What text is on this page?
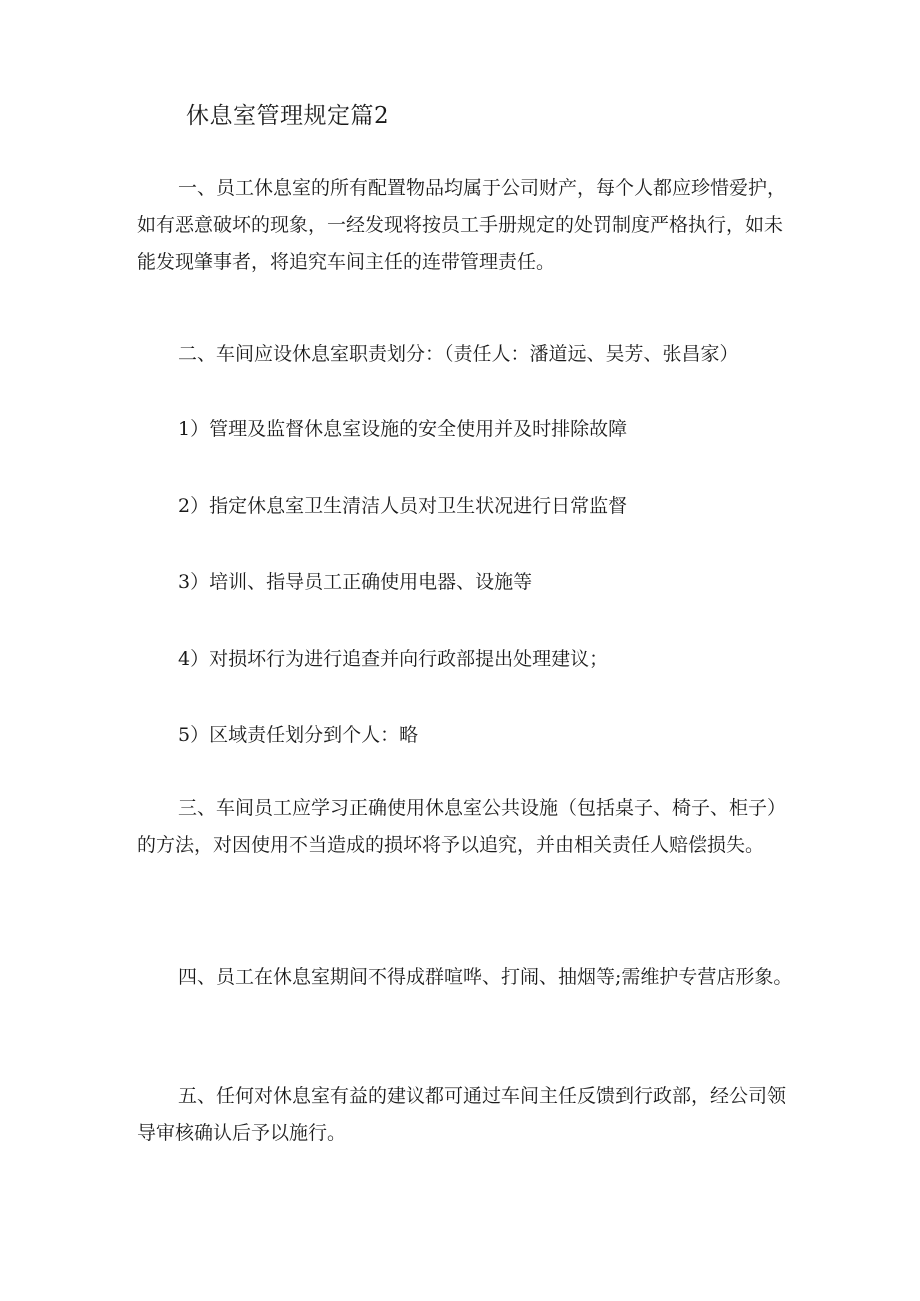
休息室管理规定篇2
一、员工休息室的所有配置物品均属于公司财产，每个人都应珍惜爱护，如有恶意破坏的现象，一经发现将按员工手册规定的处罚制度严格执行，如未能发现肇事者，将追究车间主任的连带管理责任。
二、车间应设休息室职责划分：（责任人：潘道远、吴芳、张昌家）
1）管理及监督休息室设施的安全使用并及时排除故障
2）指定休息室卫生清洁人员对卫生状况进行日常监督
3）培训、指导员工正确使用电器、设施等
4）对损坏行为进行追查并向行政部提出处理建议；
5）区域责任划分到个人：略
三、车间员工应学习正确使用休息室公共设施（包括桌子、椅子、柜子）的方法，对因使用不当造成的损坏将予以追究，并由相关责任人赔偿损失。
四、员工在休息室期间不得成群喧哗、打闹、抽烟等;需维护专营店形象。
五、任何对休息室有益的建议都可通过车间主任反馈到行政部，经公司领导审核确认后予以施行。
